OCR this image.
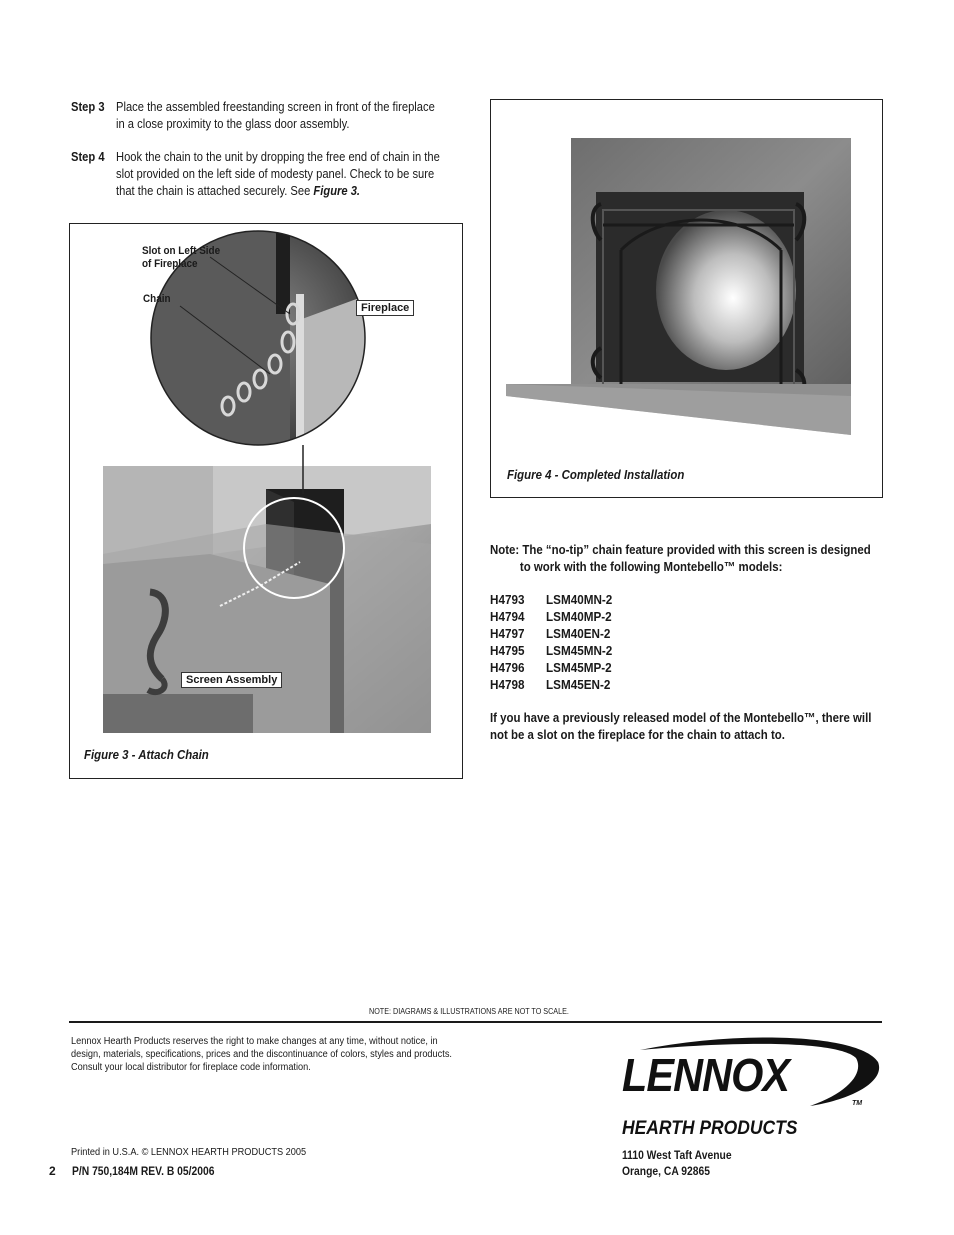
Step 3 Place the assembled freestanding screen in front of the fireplace
in a close proximity to the glass door assembly.
Step 4 Hook the chain to the unit by dropping the free end of chain in the
slot provided on the left side of modesty panel. Check to be sure
that the chain is attached securely. See Figure 3.
Slot on Left Side
of Fireplace
Chain
Fireplace
Screen Assembly
Figure 3 - Attach Chain
Figure 4 - Completed Installation
Note: The “no-tip” chain feature provided with this screen is designed
to work with the following Montebello™ models:
H4793 LSM40MN-2
H4794 LSM40MP-2
H4797 LSM40EN-2
H4795 LSM45MN-2
H4796 LSM45MP-2
H4798 LSM45EN-2
If you have a previously released model of the Montebello™, there will
not be a slot on the fireplace for the chain to attach to.
NOTE: DIAGRAMS & ILLUSTRATIONS ARE NOT TO SCALE.
Lennox Hearth Products reserves the right to make changes at any time, without notice, in
design, materials, specifications, prices and the discontinuance of colors, styles and products.
Consult your local distributor for fireplace code information.
Printed in U.S.A. © LENNOX HEARTH PRODUCTS 2005
2 P/N 750,184M REV. B 05/2006
LENNOX
TM
HEARTH PRODUCTS
1110 West Taft Avenue
Orange, CA 92865
